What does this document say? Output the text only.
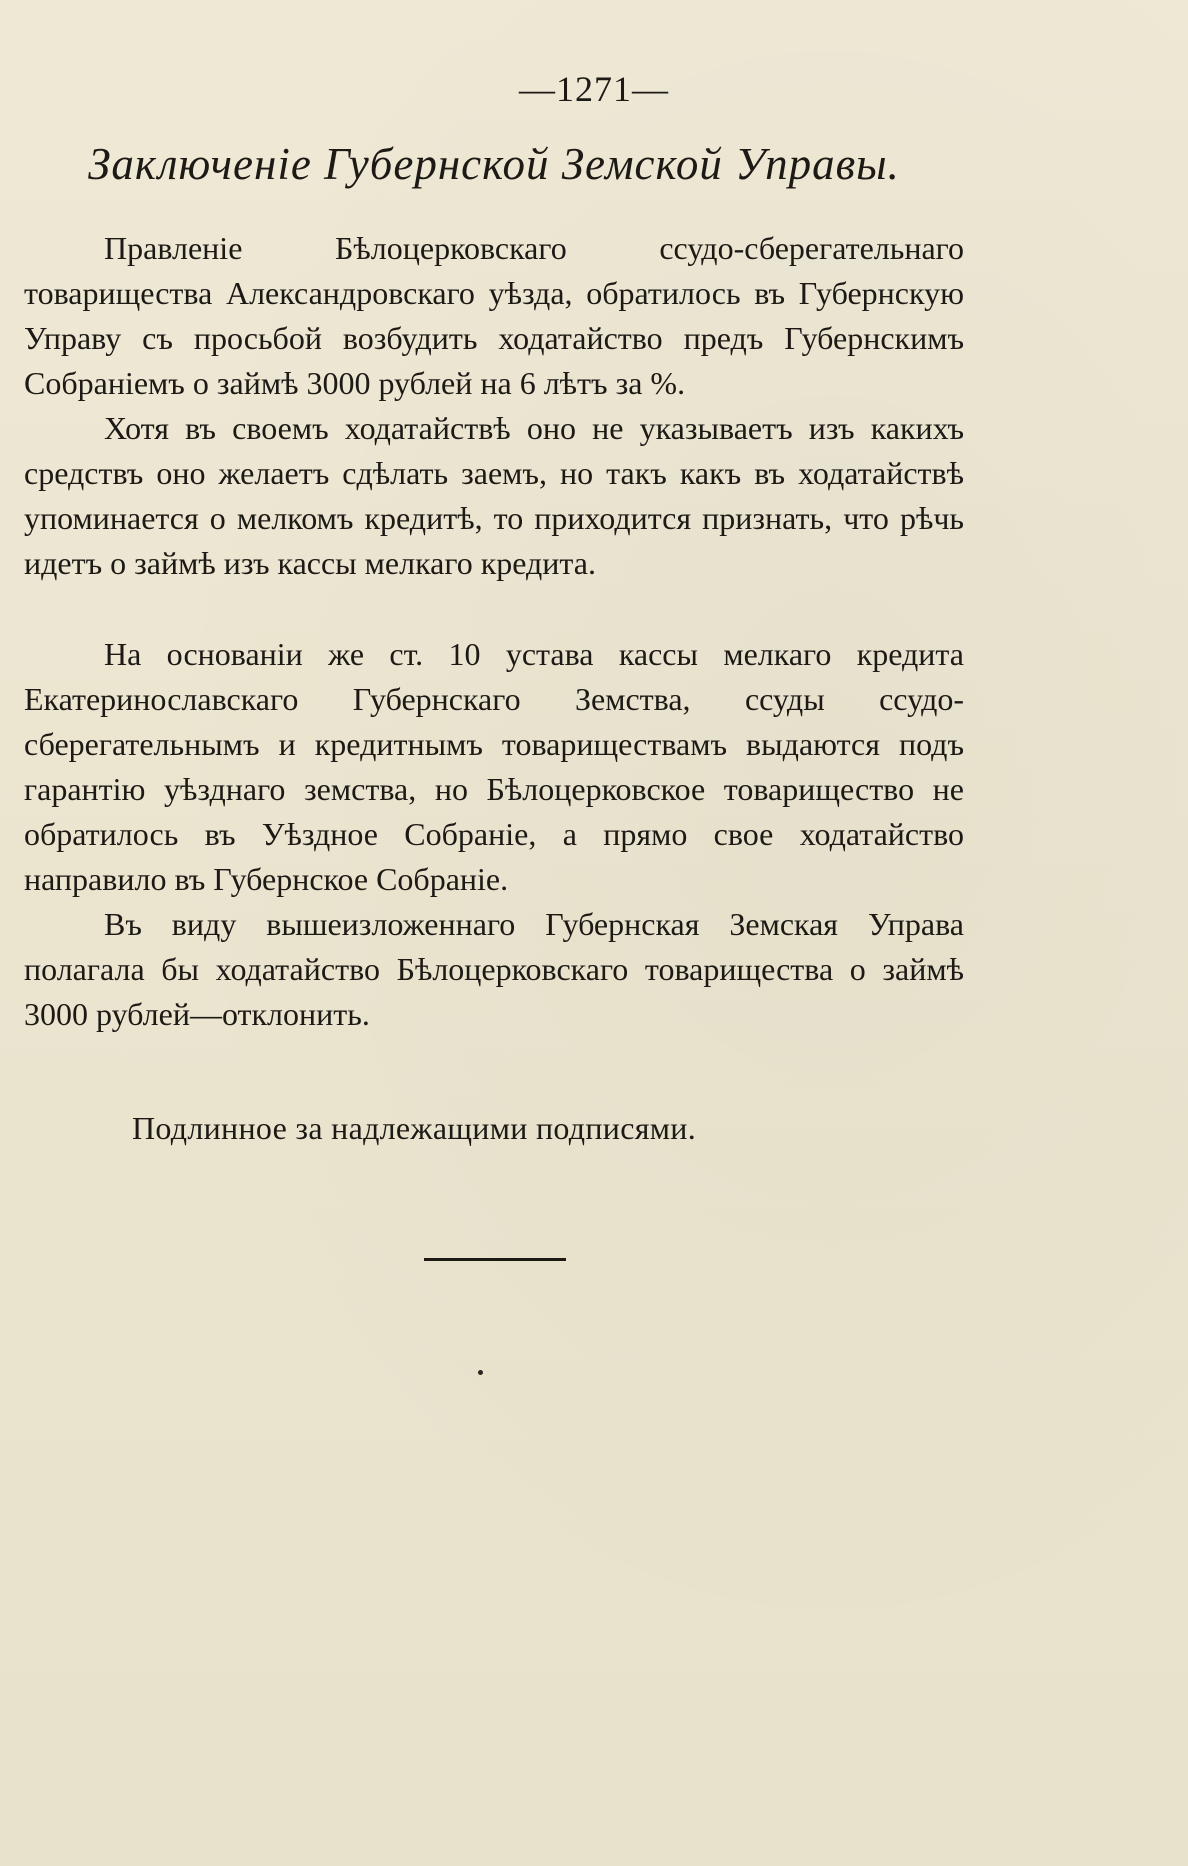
—1271—
Заключеніе Губернской Земской Управы.

Правленіе Бѣлоцерковскаго ссудо-сберегательнаго товарищества Александровскаго уѣзда, обратилось въ Губернскую Управу съ просьбой возбудить ходатайство предъ Губернскимъ Собраніемъ о займѣ 3000 рублей на 6 лѣтъ за %.

Хотя въ своемъ ходатайствѣ оно не указываетъ изъ какихъ средствъ оно желаетъ сдѣлать заемъ, но такъ какъ въ ходатайствѣ упоминается о мелкомъ кредитѣ, то приходится признать, что рѣчь идетъ о займѣ изъ кассы мелкаго кредита.

На основаніи же ст. 10 устава кассы мелкаго кредита Екатеринославскаго Губернскаго Земства, ссуды ссудо-сберегательнымъ и кредитнымъ товариществамъ выдаются подъ гарантію уѣзднаго земства, но Бѣлоцерковское товарищество не обратилось въ Уѣздное Собраніе, а прямо свое ходатайство направило въ Губернское Собраніе.

Въ виду вышеизложеннаго Губернская Земская Управа полагала бы ходатайство Бѣлоцерковскаго товарищества о займѣ 3000 рублей—отклонить.

Подлинное за надлежащими подписями.
